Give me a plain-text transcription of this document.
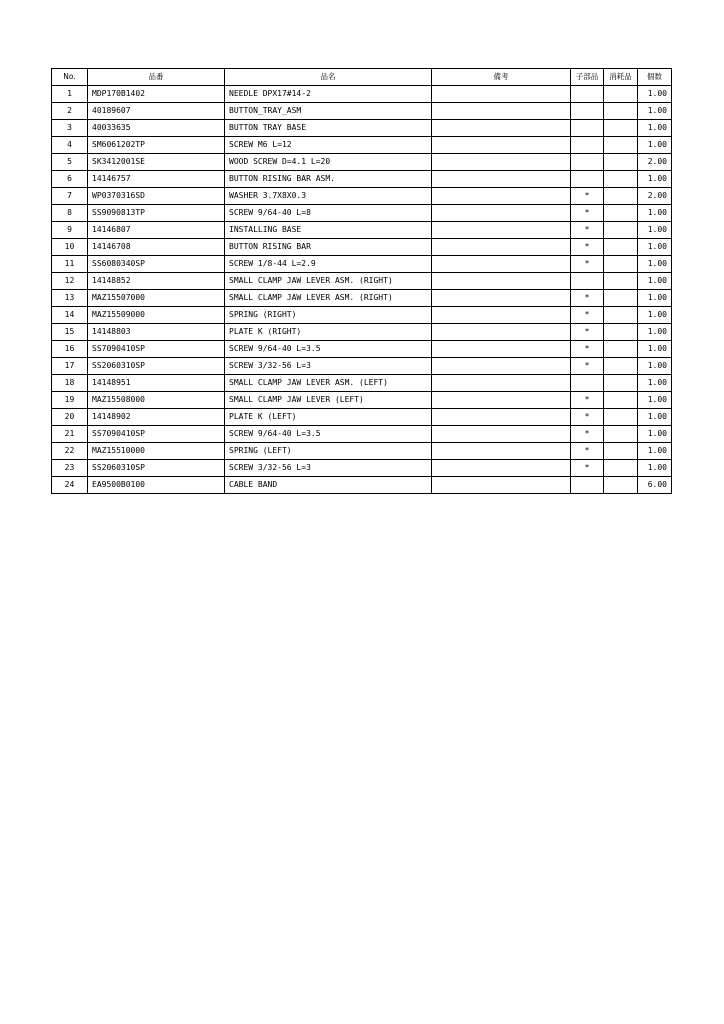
No.	品番	品名	備考	子部品	消耗品	個数
1	MDP170B1402	NEEDLE DPX17#14-2				1.00
2	40189607	BUTTON_TRAY_ASM				1.00
3	40033635	BUTTON TRAY BASE				1.00
4	SM6061202TP	SCREW M6 L=12				1.00
5	SK3412001SE	WOOD SCREW D=4.1 L=20				2.00
6	14146757	BUTTON RISING BAR ASM.				1.00
7	WP0370316SD	WASHER 3.7X8X0.3		*		2.00
8	SS9090813TP	SCREW 9/64-40 L=8		*		1.00
9	14146807	INSTALLING BASE		*		1.00
10	14146708	BUTTON RISING BAR		*		1.00
11	SS6080340SP	SCREW 1/8-44 L=2.9		*		1.00
12	14148852	SMALL CLAMP JAW LEVER ASM. (RIGHT)				1.00
13	MAZ15507000	SMALL CLAMP JAW LEVER ASM. (RIGHT)		*		1.00
14	MAZ15509000	SPRING (RIGHT)		*		1.00
15	14148803	PLATE K (RIGHT)		*		1.00
16	SS7090410SP	SCREW 9/64-40 L=3.5		*		1.00
17	SS2060310SP	SCREW 3/32-56 L=3		*		1.00
18	14148951	SMALL CLAMP JAW LEVER ASM. (LEFT)				1.00
19	MAZ15508000	SMALL CLAMP JAW LEVER (LEFT)		*		1.00
20	14148902	PLATE K (LEFT)		*		1.00
21	SS7090410SP	SCREW 9/64-40 L=3.5		*		1.00
22	MAZ15510000	SPRING (LEFT)		*		1.00
23	SS2060310SP	SCREW 3/32-56 L=3		*		1.00
24	EA9500B0100	CABLE BAND				6.00
